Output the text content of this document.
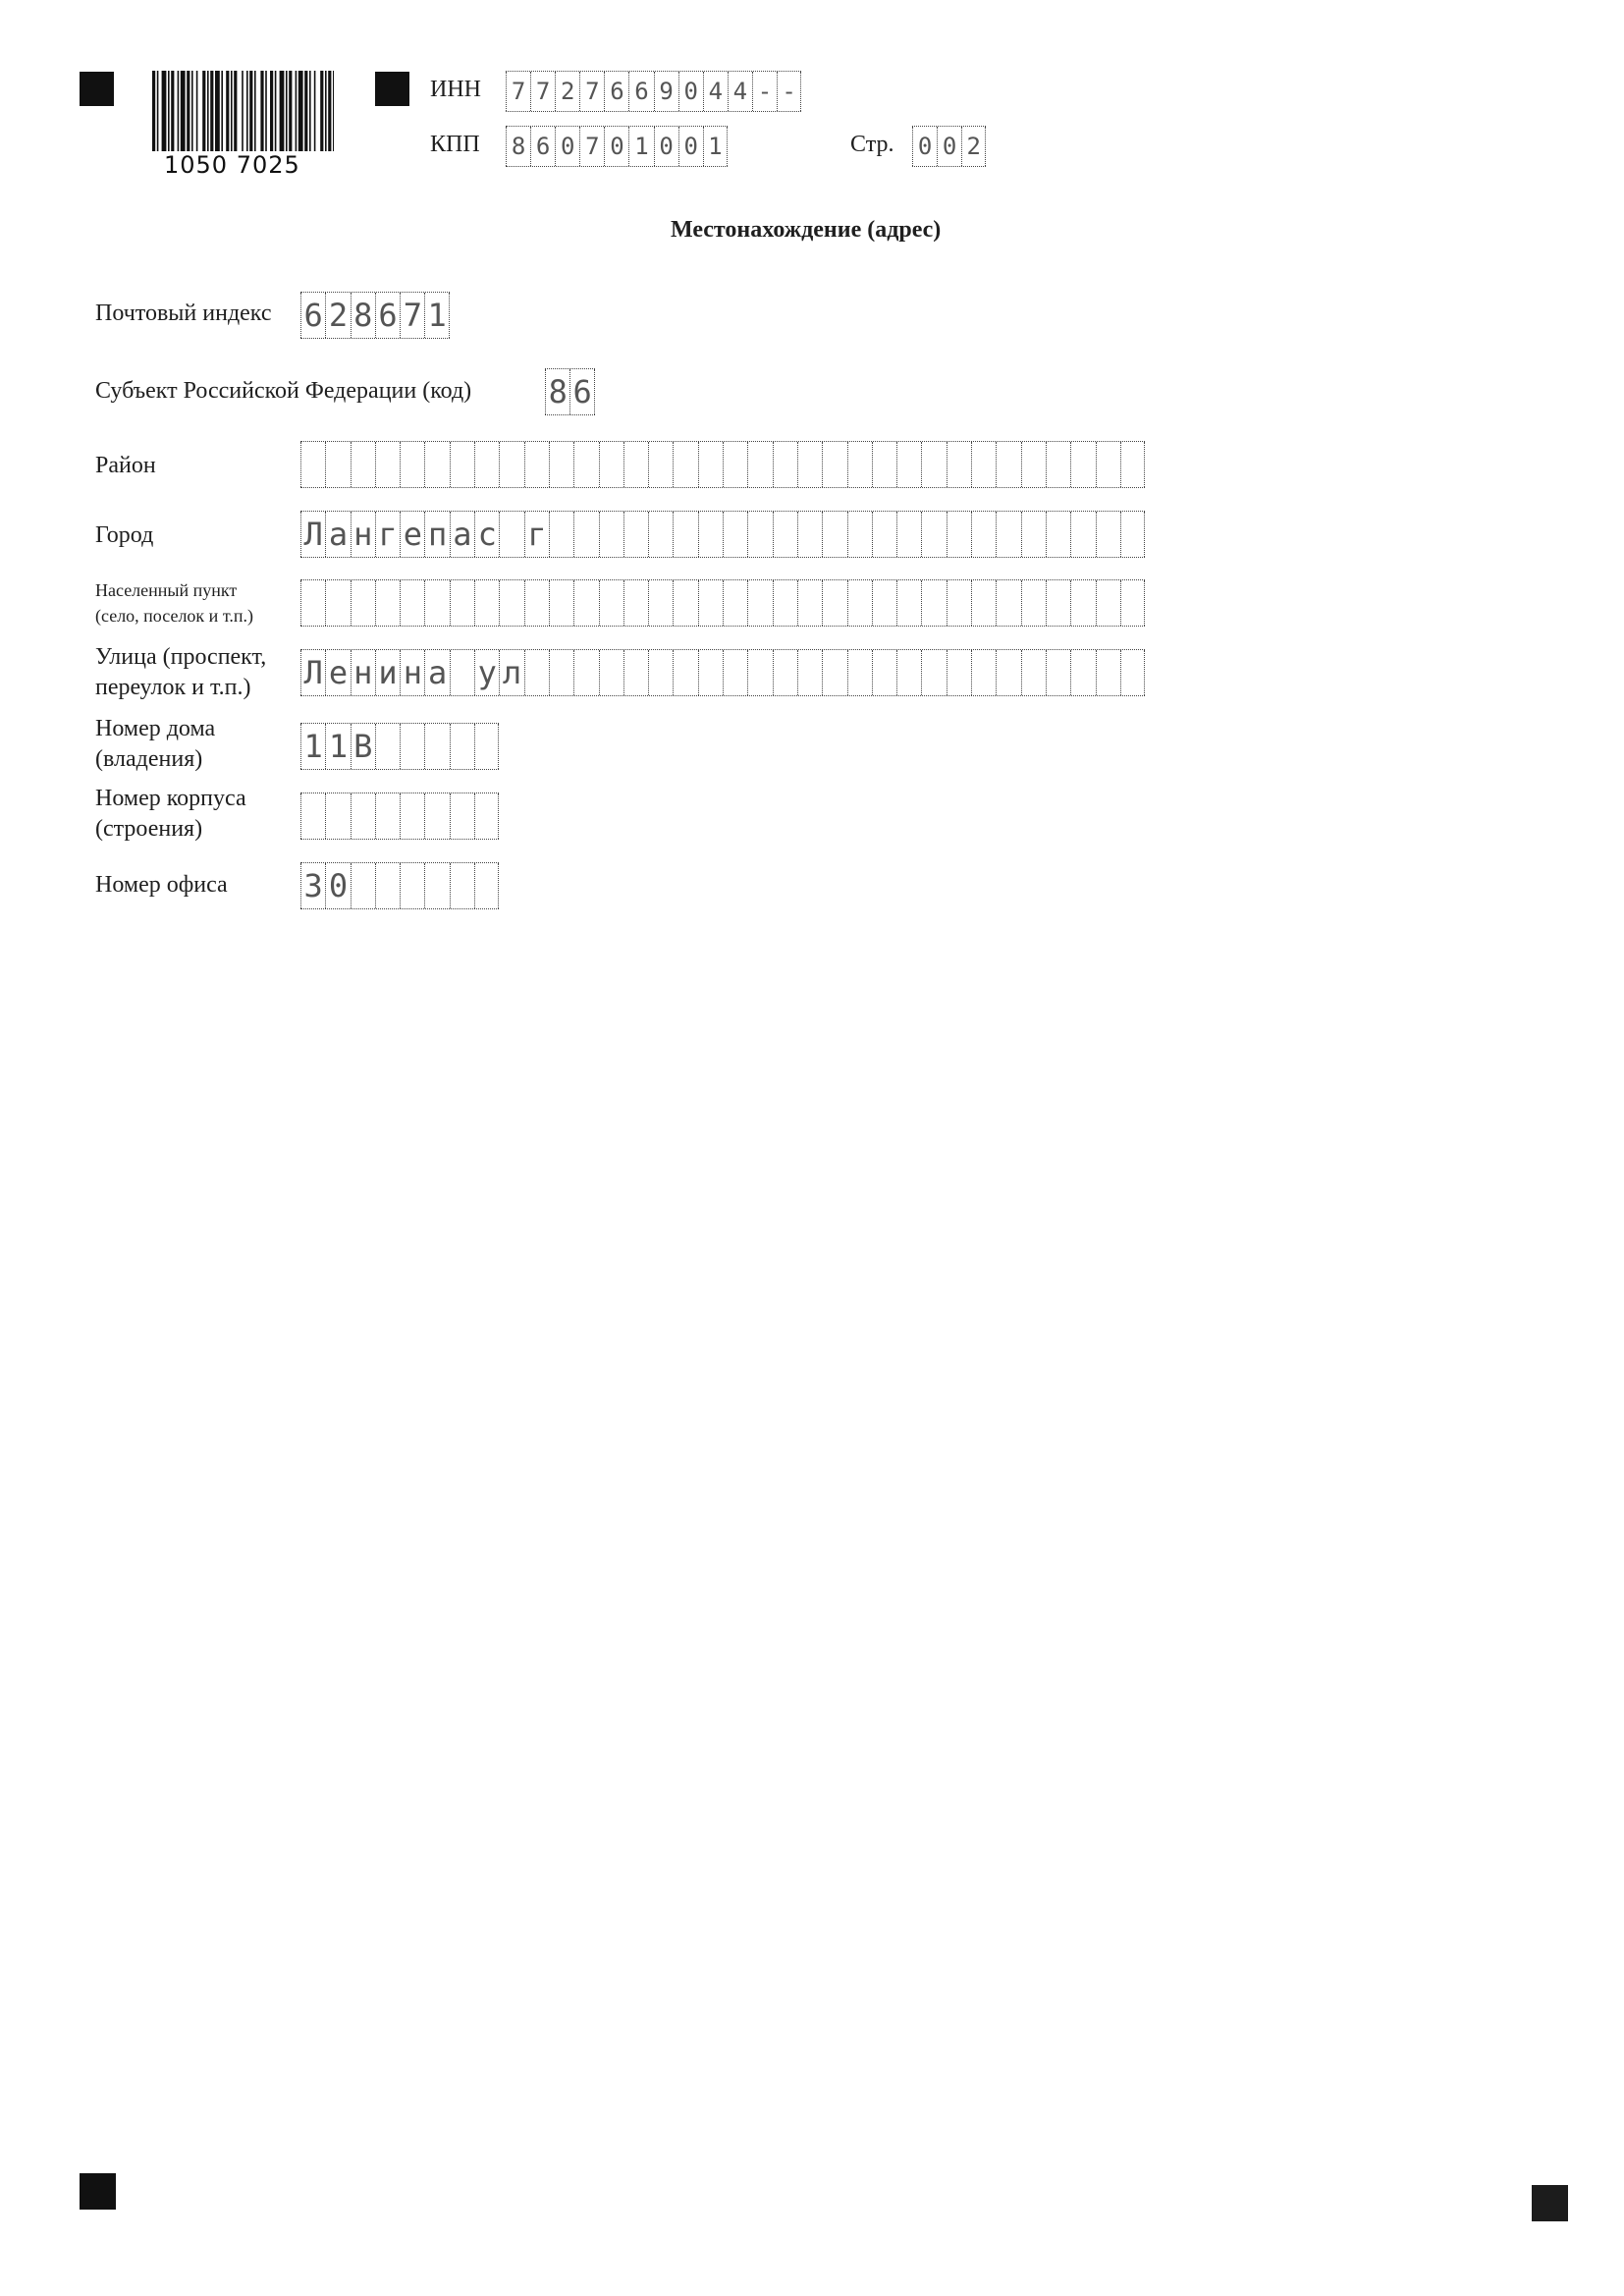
1050 7025
ИНН 7 7 2 7 6 6 9 0 4 4 - -
КПП 8 6 0 7 0 1 0 0 1	Стр. 0 0 2
Местонахождение (адрес)
Почтовый индекс 6 2 8 6 7 1
Субъект Российской Федерации (код) 8 6
Район
Город	Л а н г е п а с г
Населенный пункт
(село, поселок и т.п.)
Улица (проспект,
переулок и т.п.) Л е н и н а у л
Номер дома
(владения)	1 1 В
Номер корпуса
(строения)
Номер офиса 3 0
